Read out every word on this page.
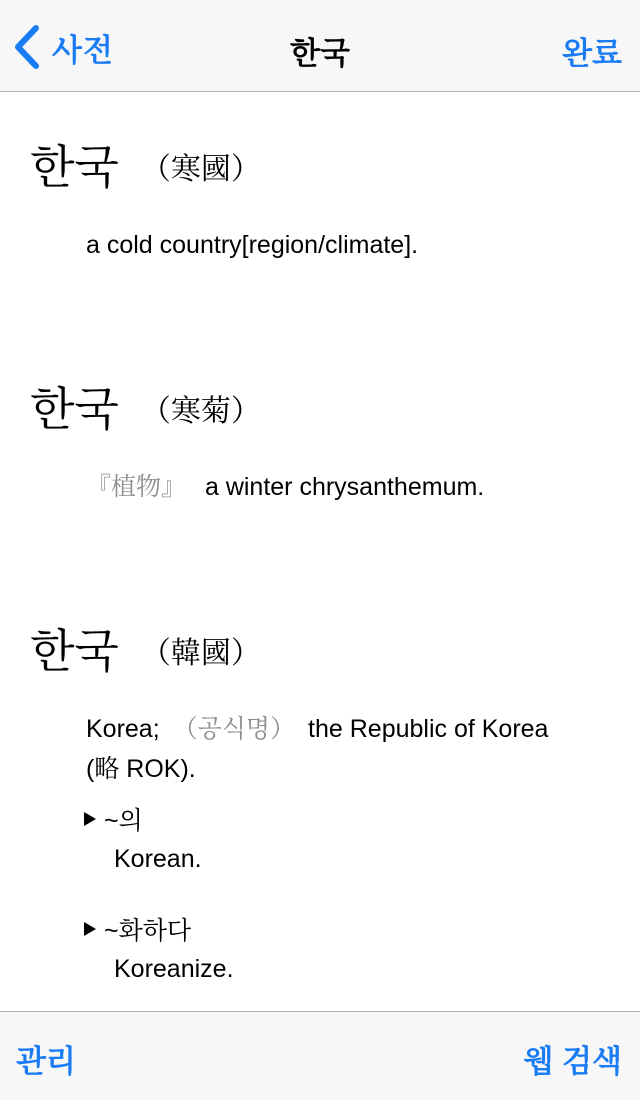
사전	한국	완료
한국 （寒國）
a cold country[region/climate].
한국 （寒菊）
『植物』 a winter chrysanthemum.
한국 （韓國）
Korea; （공식명） the Republic of Korea
(略 ROK).
~의
Korean.
~화하다
Koreanize.
관리	웹 검색
